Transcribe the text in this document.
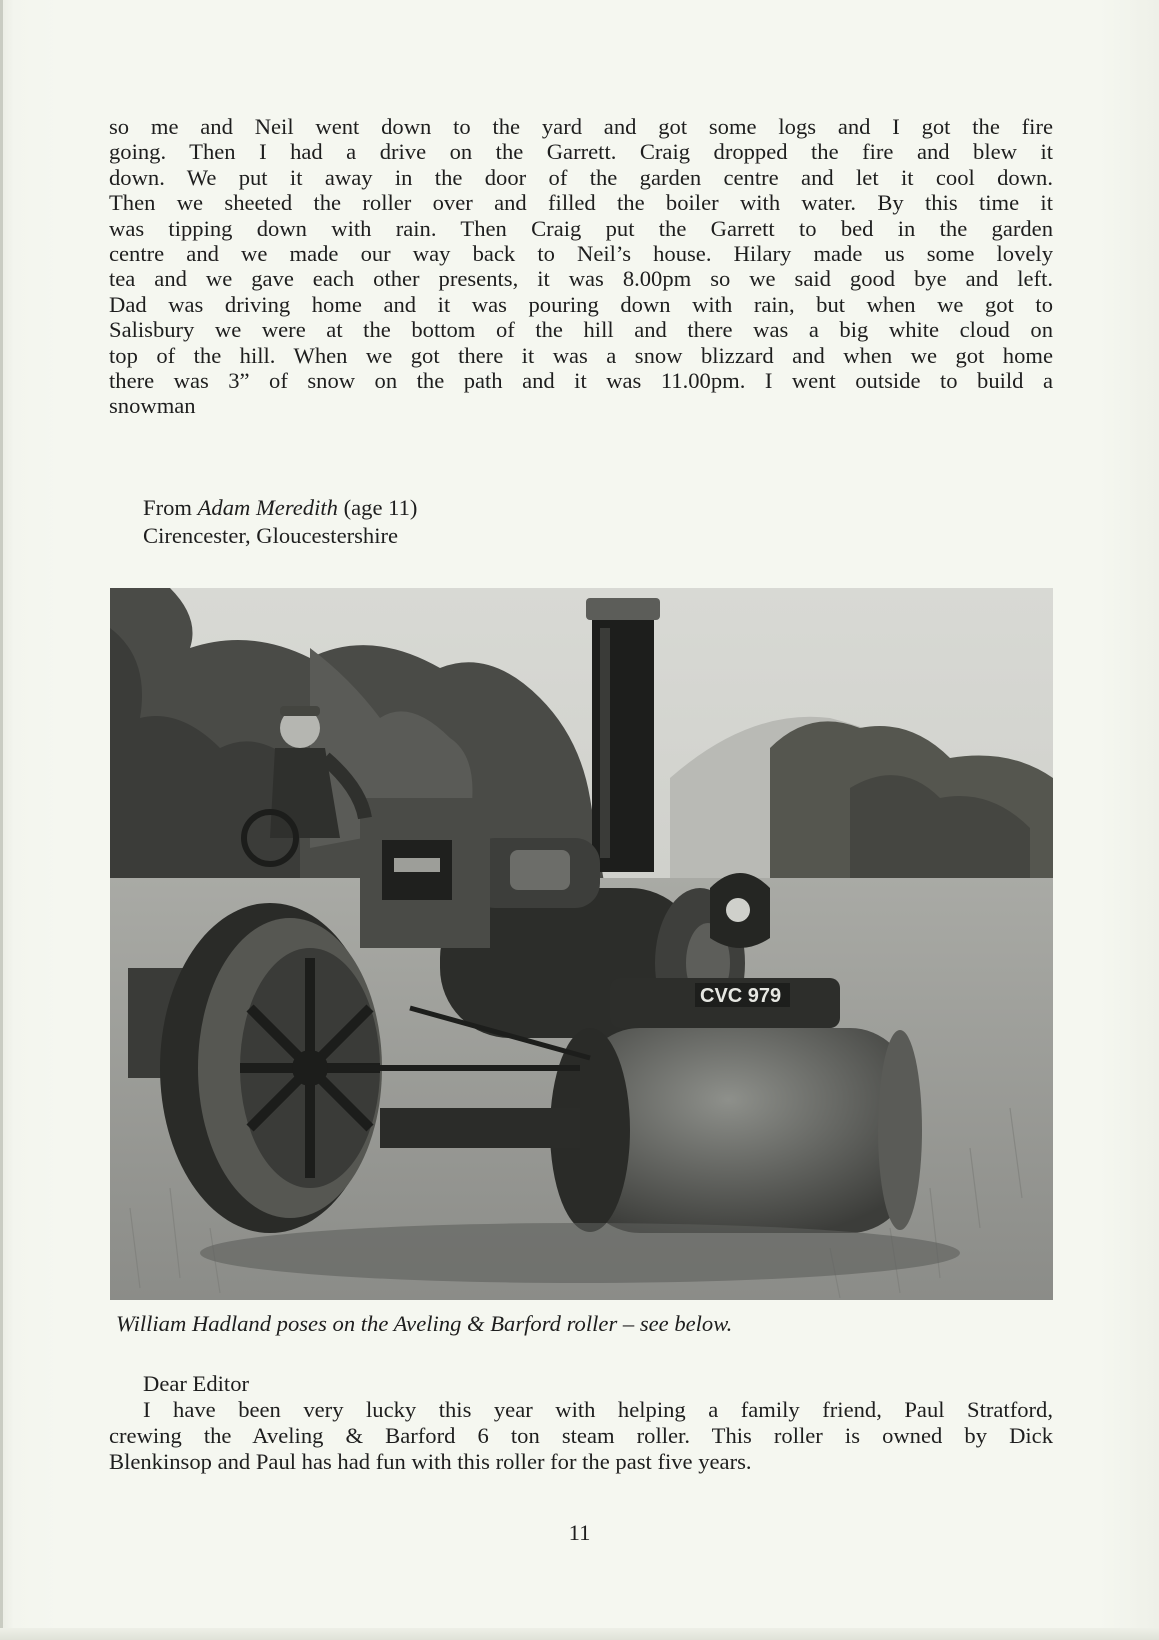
so me and Neil went down to the yard and got some logs and I got the fire
going. Then I had a drive on the Garrett. Craig dropped the fire and blew it
down. We put it away in the door of the garden centre and let it cool down.
Then we sheeted the roller over and filled the boiler with water. By this time it
was tipping down with rain. Then Craig put the Garrett to bed in the garden
centre and we made our way back to Neil’s house. Hilary made us some lovely
tea and we gave each other presents, it was 8.00pm so we said good bye and left.
Dad was driving home and it was pouring down with rain, but when we got to
Salisbury we were at the bottom of the hill and there was a big white cloud on
top of the hill. When we got there it was a snow blizzard and when we got home
there was 3” of snow on the path and it was 11.00pm. I went outside to build a
snowman
From Adam Meredith (age 11)
Cirencester, Gloucestershire
CVC 979
William Hadland poses on the Aveling & Barford roller – see below.
Dear Editor
I have been very lucky this year with helping a family friend, Paul Stratford,
crewing the Aveling & Barford 6 ton steam roller. This roller is owned by Dick
Blenkinsop and Paul has had fun with this roller for the past five years.
11
